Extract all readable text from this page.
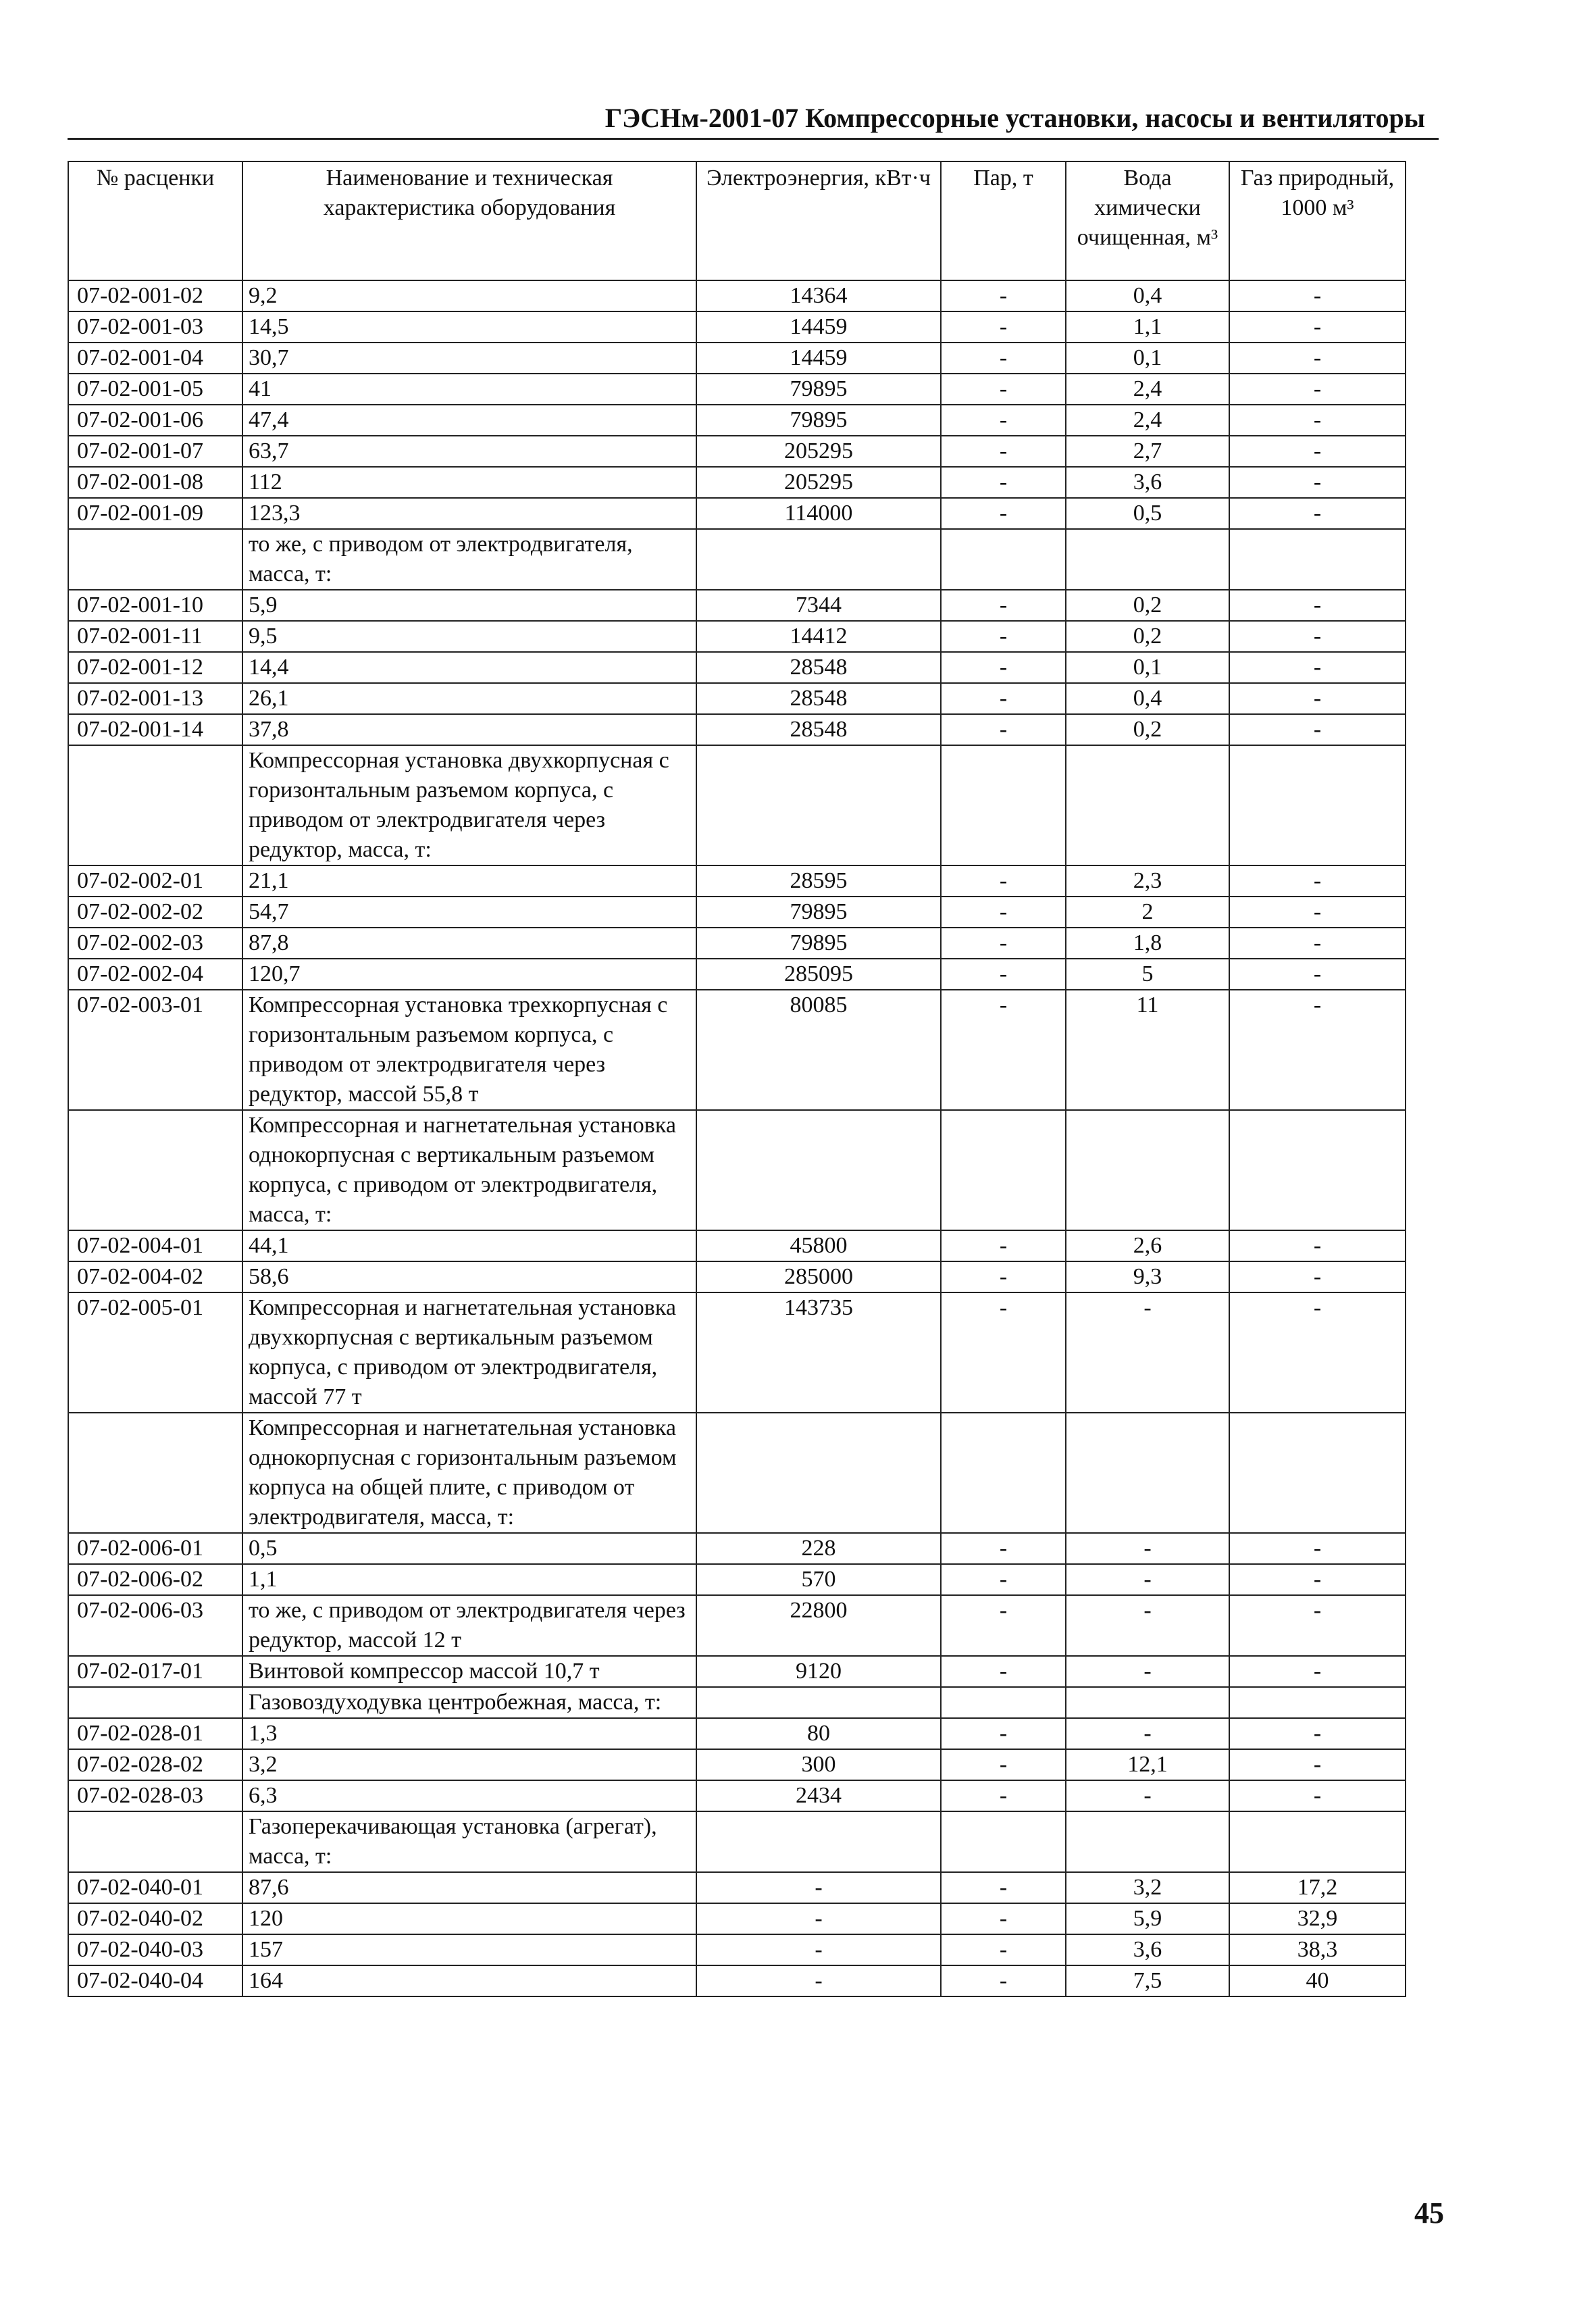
ГЭСНм-2001-07 Компрессорные установки, насосы и вентиляторы
№ расценки	Наименование и техническая характеристика оборудования	Электроэнергия, кВт·ч	Пар, т	Вода химически очищенная, м³	Газ природный, 1000 м³
07-02-001-02	9,2	14364	-	0,4	-
07-02-001-03	14,5	14459	-	1,1	-
07-02-001-04	30,7	14459	-	0,1	-
07-02-001-05	41	79895	-	2,4	-
07-02-001-06	47,4	79895	-	2,4	-
07-02-001-07	63,7	205295	-	2,7	-
07-02-001-08	112	205295	-	3,6	-
07-02-001-09	123,3	114000	-	0,5	-
	то же, с приводом от электродвигателя, масса, т:				
07-02-001-10	5,9	7344	-	0,2	-
07-02-001-11	9,5	14412	-	0,2	-
07-02-001-12	14,4	28548	-	0,1	-
07-02-001-13	26,1	28548	-	0,4	-
07-02-001-14	37,8	28548	-	0,2	-
	Компрессорная установка двухкорпусная с горизонтальным разъемом корпуса, с приводом от электродвигателя через редуктор, масса, т:				
07-02-002-01	21,1	28595	-	2,3	-
07-02-002-02	54,7	79895	-	2	-
07-02-002-03	87,8	79895	-	1,8	-
07-02-002-04	120,7	285095	-	5	-
07-02-003-01	Компрессорная установка трехкорпусная с горизонтальным разъемом корпуса, с приводом от электродвигателя через редуктор, массой 55,8 т	80085	-	11	-
	Компрессорная и нагнетательная установка однокорпусная с вертикальным разъемом корпуса, с приводом от электродвигателя, масса, т:				
07-02-004-01	44,1	45800	-	2,6	-
07-02-004-02	58,6	285000	-	9,3	-
07-02-005-01	Компрессорная и нагнетательная установка двухкорпусная с вертикальным разъемом корпуса, с приводом от электродвигателя, массой 77 т	143735	-	-	-
	Компрессорная и нагнетательная установка однокорпусная с горизонтальным разъемом корпуса на общей плите, с приводом от электродвигателя, масса, т:				
07-02-006-01	0,5	228	-	-	-
07-02-006-02	1,1	570	-	-	-
07-02-006-03	то же, с приводом от электродвигателя через редуктор, массой 12 т	22800	-	-	-
07-02-017-01	Винтовой компрессор массой 10,7 т	9120	-	-	-
	Газовоздуходувка центробежная, масса, т:				
07-02-028-01	1,3	80	-	-	-
07-02-028-02	3,2	300	-	12,1	-
07-02-028-03	6,3	2434	-	-	-
	Газоперекачивающая установка (агрегат), масса, т:				
07-02-040-01	87,6	-	-	3,2	17,2
07-02-040-02	120	-	-	5,9	32,9
07-02-040-03	157	-	-	3,6	38,3
07-02-040-04	164	-	-	7,5	40
45
